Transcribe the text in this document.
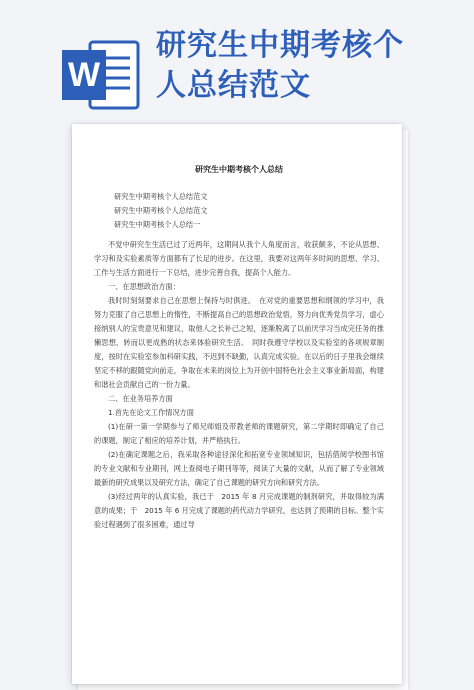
W
研究生中期考核个
人总结范文

研究生中期考核个人总结

研究生中期考核个人总结范文

研究生中期考核个人总结范文

研究生中期考核个人总结一

不觉中研究生生活已过了近两年，这期间从我个人角度而言，收获颇多，不论从思想、学习和及实验素质等方面都有了长足的进步。在这里，我要对这两年多时间的思想、学习、工作与生活方面进行一下总结，进步完善自我，提高个人能力。

一、在思想政治方面：

我时时刻刻要求自己在思想上保持与时俱进。　在对党的重要思想和纲领的学习中，我努力克服了自己思想上的惰性，不断提高自己的思想政治觉悟，努力向优秀党员学习，虚心接纳别人的宝贵意见和建议，取他人之长补己之短，逐渐脱离了以前厌学习当成完任务的推懒思想，转而以更成熟的状态来体验研究生活。　同时我遵守学校以及实验室的各项规章制度，按时在实验室参加科研实践，不迟到不缺勤，认真完成实验。在以后的日子里我会继续坚定不移的跟随党向前走，争取在未来的岗位上为开创中国特色社会主义事业新局面，构建和谐社会贡献自己的一份力量。

二、在业务培养方面

1.首先在论文工作情况方面

(1)在研一第一学期参与了师兄师姐及带教老师的课题研究，第二学期时即确定了自己的课题，制定了相应的培养计划，并严格执行。

(2)在确定课题之后，我采取各种途径深化和拓宽专业领域知识，包括借阅学校图书馆的专业文献和专业期刊，网上查阅电子期刊等等，阅读了大量的文献，从而了解了专业领域最新的研究成果以及研究方法，确定了自己课题的研究方向和研究方法。

(3)经过两年的认真实验，我已于　2015 年 8 月完成课题的制剂研究，并取得较为满意的成果；于　2015 年 6 月完成了课题的药代动力学研究，也达到了预期的目标。整个实验过程遇到了很多困难，通过导
